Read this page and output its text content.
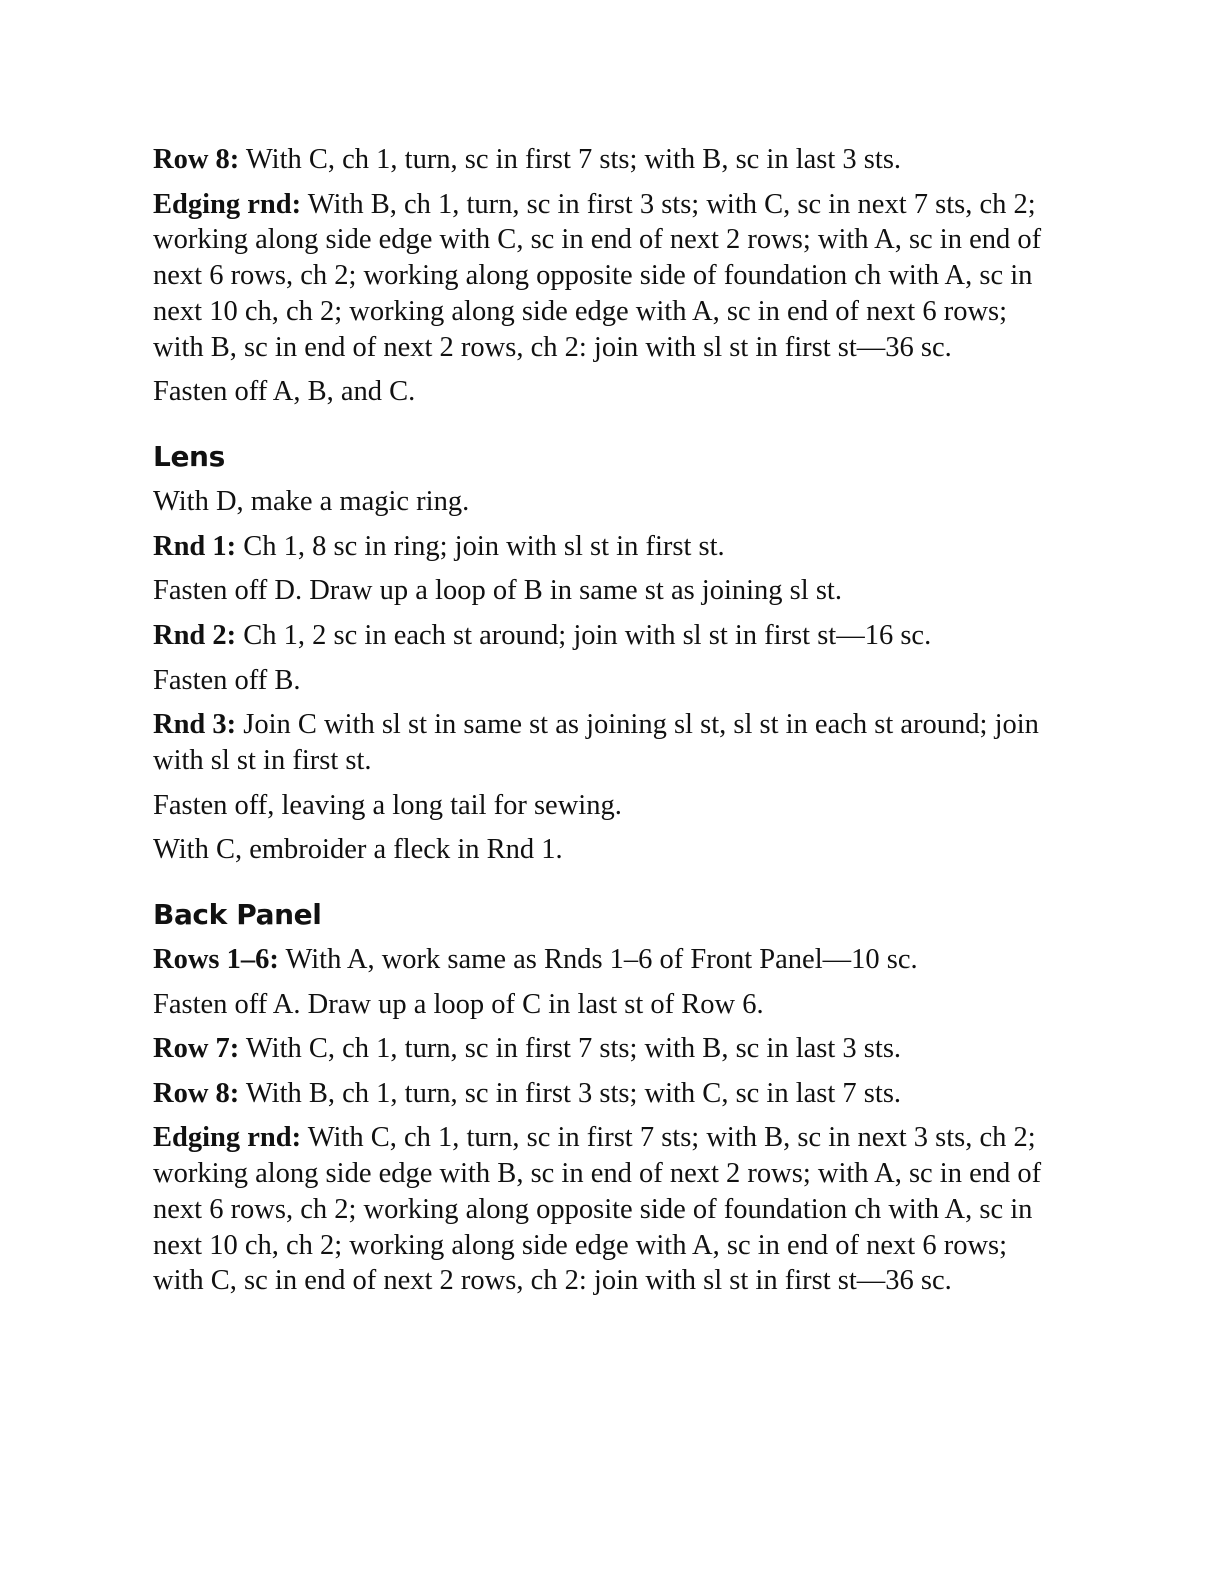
Row 8: With C, ch 1, turn, sc in first 7 sts; with B, sc in last 3 sts.

Edging rnd: With B, ch 1, turn, sc in first 3 sts; with C, sc in next 7 sts, ch 2; working along side edge with C, sc in end of next 2 rows; with A, sc in end of next 6 rows, ch 2; working along opposite side of foundation ch with A, sc in next 10 ch, ch 2; working along side edge with A, sc in end of next 6 rows; with B, sc in end of next 2 rows, ch 2: join with sl st in first st—36 sc.

Fasten off A, B, and C.

Lens

With D, make a magic ring.

Rnd 1: Ch 1, 8 sc in ring; join with sl st in first st.

Fasten off D. Draw up a loop of B in same st as joining sl st.

Rnd 2: Ch 1, 2 sc in each st around; join with sl st in first st—16 sc.

Fasten off B.

Rnd 3: Join C with sl st in same st as joining sl st, sl st in each st around; join with sl st in first st.

Fasten off, leaving a long tail for sewing.

With C, embroider a fleck in Rnd 1.

Back Panel

Rows 1–6: With A, work same as Rnds 1–6 of Front Panel—10 sc.

Fasten off A. Draw up a loop of C in last st of Row 6.

Row 7: With C, ch 1, turn, sc in first 7 sts; with B, sc in last 3 sts.

Row 8: With B, ch 1, turn, sc in first 3 sts; with C, sc in last 7 sts.

Edging rnd: With C, ch 1, turn, sc in first 7 sts; with B, sc in next 3 sts, ch 2; working along side edge with B, sc in end of next 2 rows; with A, sc in end of next 6 rows, ch 2; working along opposite side of foundation ch with A, sc in next 10 ch, ch 2; working along side edge with A, sc in end of next 6 rows; with C, sc in end of next 2 rows, ch 2: join with sl st in first st—36 sc.
